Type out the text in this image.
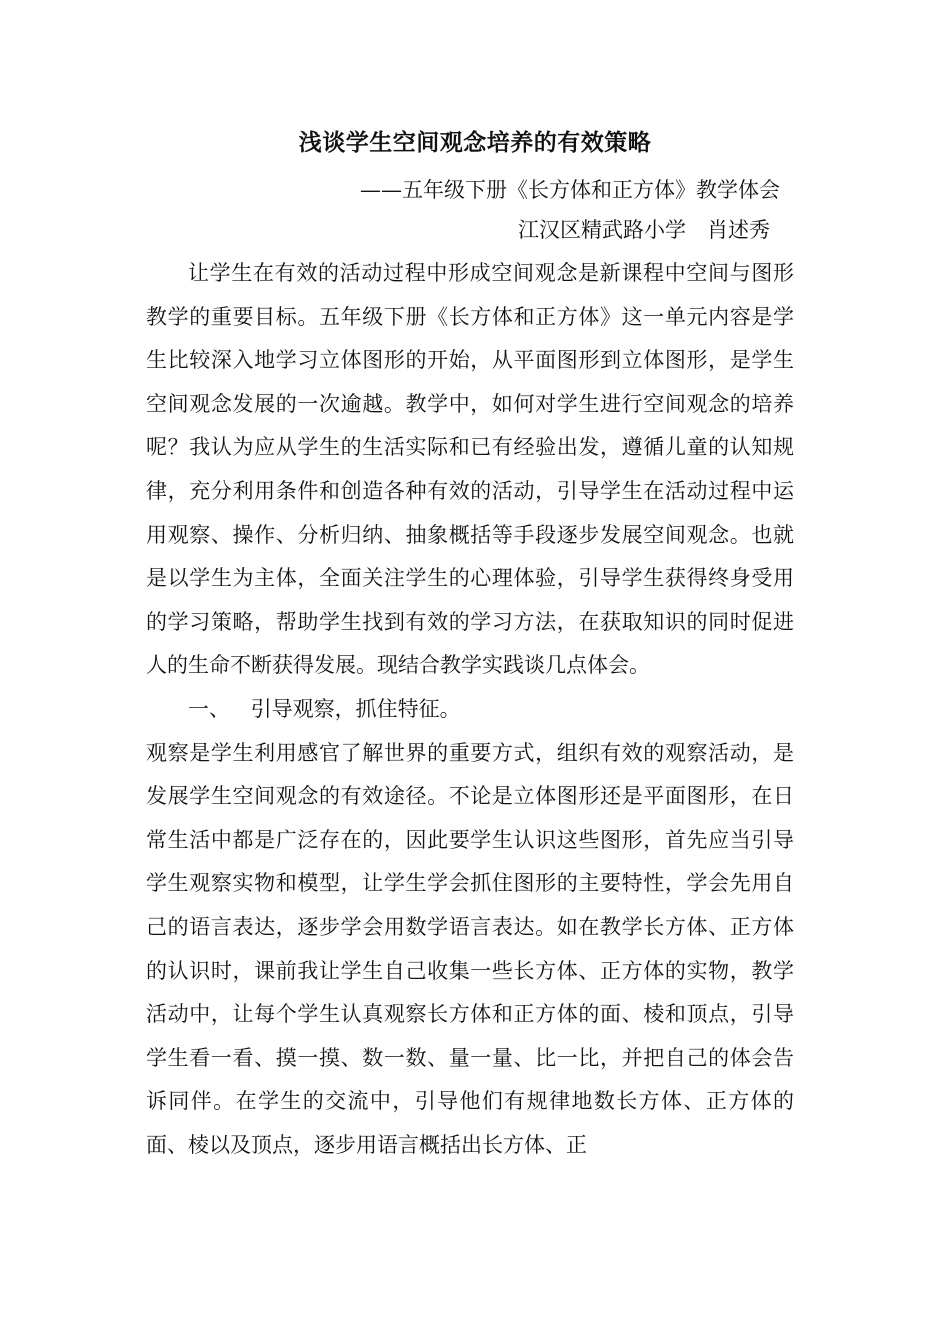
浅谈学生空间观念培养的有效策略
——五年级下册《长方体和正方体》教学体会
江汉区精武路小学　肖述秀

让学生在有效的活动过程中形成空间观念是新课程中空间与图形教学的重要目标。五年级下册《长方体和正方体》这一单元内容是学生比较深入地学习立体图形的开始，从平面图形到立体图形，是学生空间观念发展的一次逾越。教学中，如何对学生进行空间观念的培养呢？我认为应从学生的生活实际和已有经验出发，遵循儿童的认知规律，充分利用条件和创造各种有效的活动，引导学生在活动过程中运用观察、操作、分析归纳、抽象概括等手段逐步发展空间观念。也就是以学生为主体，全面关注学生的心理体验，引导学生获得终身受用的学习策略，帮助学生找到有效的学习方法，在获取知识的同时促进人的生命不断获得发展。现结合教学实践谈几点体会。

一、 引导观察，抓住特征。

观察是学生利用感官了解世界的重要方式，组织有效的观察活动，是发展学生空间观念的有效途径。不论是立体图形还是平面图形，在日常生活中都是广泛存在的，因此要学生认识这些图形，首先应当引导学生观察实物和模型，让学生学会抓住图形的主要特性，学会先用自己的语言表达，逐步学会用数学语言表达。如在教学长方体、正方体的认识时，课前我让学生自己收集一些长方体、正方体的实物，教学活动中，让每个学生认真观察长方体和正方体的面、棱和顶点，引导学生看一看、摸一摸、数一数、量一量、比一比，并把自己的体会告诉同伴。在学生的交流中，引导他们有规律地数长方体、正方体的面、棱以及顶点，逐步用语言概括出长方体、正
